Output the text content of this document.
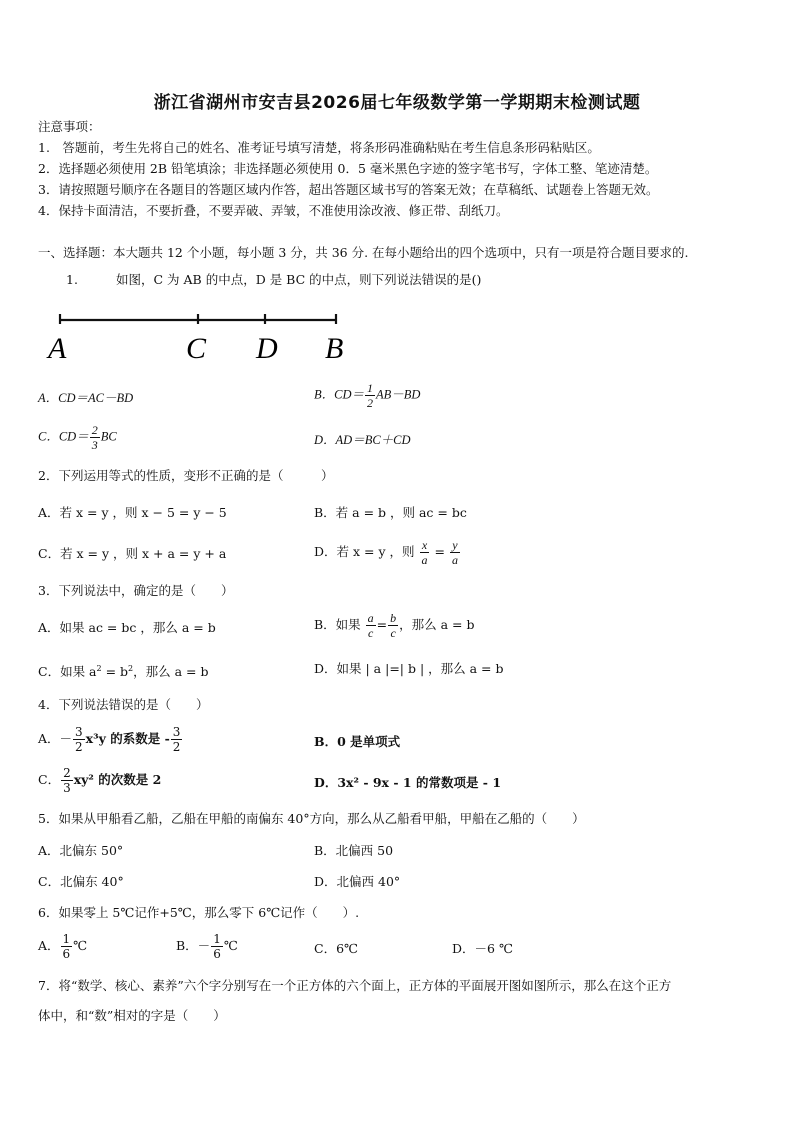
浙江省湖州市安吉县2026届七年级数学第一学期期末检测试题
注意事项：
1.　答题前，考生先将自己的姓名、准考证号填写清楚，将条形码准确粘贴在考生信息条形码粘贴区。
2．选择题必须使用 2B 铅笔填涂；非选择题必须使用 0．5 毫米黑色字迹的签字笔书写，字体工整、笔迹清楚。
3．请按照题号顺序在各题目的答题区域内作答，超出答题区域书写的答案无效；在草稿纸、试题卷上答题无效。
4．保持卡面清洁，不要折叠，不要弄破、弄皱，不准使用涂改液、修正带、刮纸刀。
一、选择题：本大题共 12 个小题，每小题 3 分，共 36 分. 在每小题给出的四个选项中，只有一项是符合题目要求的.
1.	如图，C 为 AB 的中点，D 是 BC 的中点，则下列说法错误的是()
A	C D B
A．CD＝AC－BD	B．$CD= \frac{1}{2} AB-BD$
C．$CD= \frac{2}{3}$ BC	D．AD＝BC＋CD
2．下列运用等式的性质，变形不正确的是（　　　）
A．若 x = y ，则 x − 5 = y − 5	B．若 a = b ，则 ac = bc
C．若 x = y ，则 x + a = y + a	D．若 x = y ，则 $\frac{x}{a} = \frac{y}{a}$
3．下列说法中，确定的是（　　）
A．如果 ac = bc ，那么 a = b	B．如果 $\frac{a}{c} = \frac{b}{c}$ ，那么 a = b
C．如果 $a^2 = b^2$，那么 a = b	D．如果 | a |=| b | ，那么 a = b
4．下列说法错误的是（　　）
A．－ $\frac{3}{2} x^3y$ 的系数是 - $\frac{3}{2}$	B．0 是单项式
C． $\frac{2}{3} xy^2$ 的次数是 2	D．3x² - 9x - 1 的常数项是 - 1
5．如果从甲船看乙船，乙船在甲船的南偏东 40°方向，那么从乙船看甲船，甲船在乙船的（　　）
A．北偏东 50°	B．北偏西 50
C．北偏东 40°	D．北偏西 40°
6．如果零上 5℃记作+5℃，那么零下 6℃记作（　　）.
A． $\frac{1}{6}$ ℃	B．－ $\frac{1}{6}$ ℃	C．6℃	D．－6 ℃
7．将“数学、核心、素养”六个字分别写在一个正方体的六个面上，正方体的平面展开图如图所示，那么在这个正方
体中，和“数”相对的字是（　　）
